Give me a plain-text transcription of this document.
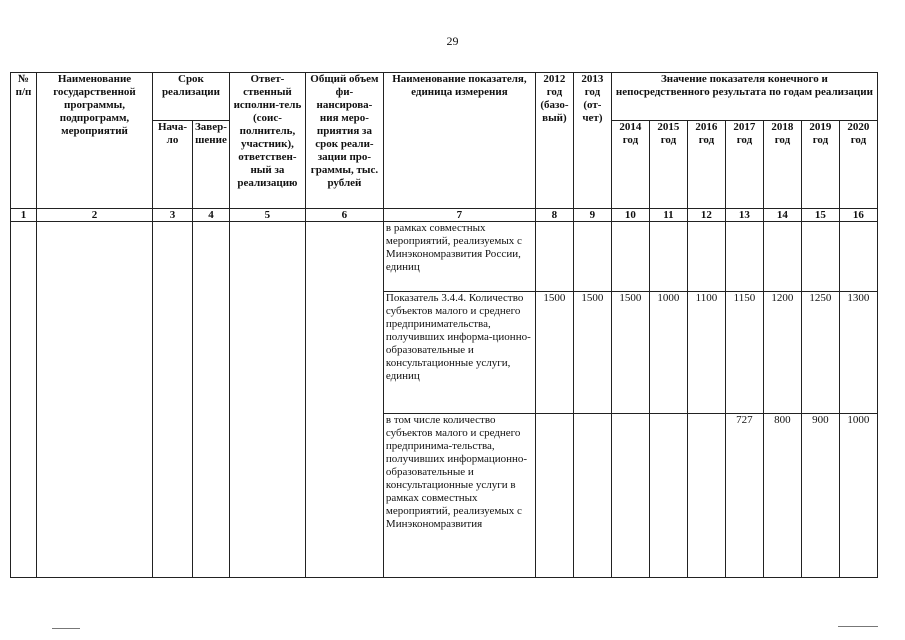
29
№ п/п	Наименование государственной программы, подпрограмм, мероприятий	Срок реализации		Ответ-ственный исполни-тель (соис-полнитель, участник), ответствен-ный за реализацию	Общий объем фи-нансирова-ния меро-приятия за срок реали-зации про-граммы, тыс. рублей	Наименование показателя, единица измерения	2012 год (базо-вый)	2013 год (от-чет)	Значение показателя конечного и непосредственного результата по годам реализации						
		Нача-ло	Завер-шение						2014 год	2015 год	2016 год	2017 год	2018 год	2019 год	2020 год
1	2	3	4	5	6	7	8	9	10	11	12	13	14	15	16
						в рамках совместных мероприятий, реализуемых с Минэкономразвития России, единиц									
						Показатель 3.4.4. Количество субъектов малого и среднего предпринимательства, получивших информа-ционно-образовательные и консультационные услуги, единиц	1500	1500	1500	1000	1100	1150	1200	1250	1300
						в том числе количество субъектов малого и среднего предпринима-тельства, получивших информационно-образовательные и консультационные услуги в рамках совместных мероприятий, реализуемых с Минэкономразвития						727	800	900	1000
